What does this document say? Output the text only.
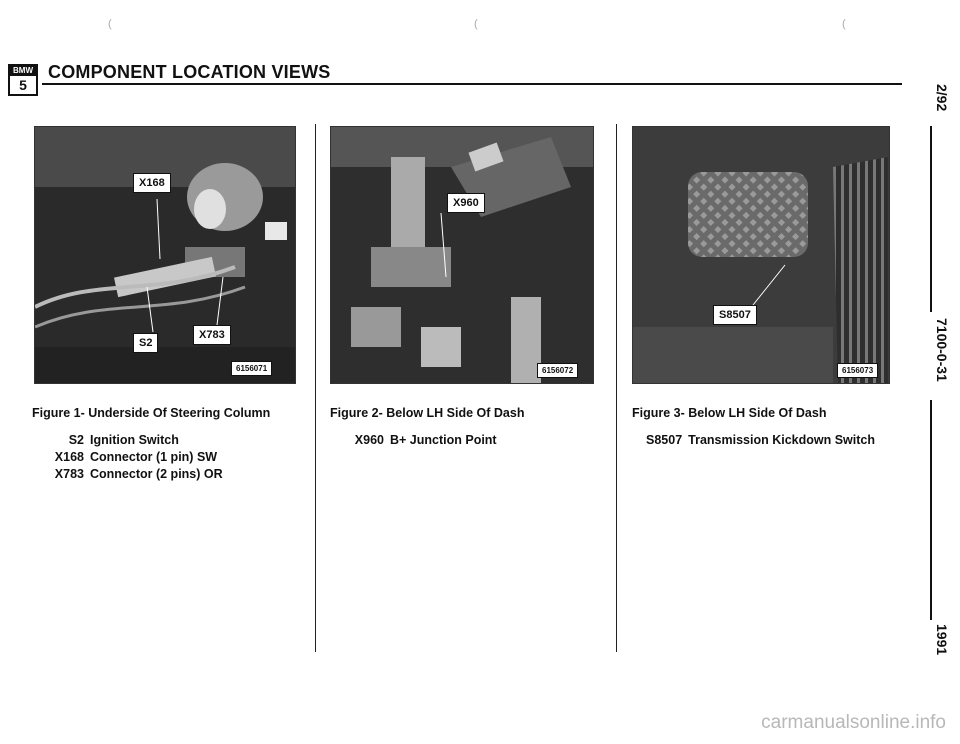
(	(	(
BMW
5
COMPONENT LOCATION VIEWS
X168
S2
X783
6156071
X960
6156072
S8507
6156073
Figure 1- Underside Of Steering Column	Figure 2- Below LH Side Of Dash	Figure 3- Below LH Side Of Dash
S2 Ignition Switch
X168 Connector (1 pin) SW
X783 Connector (2 pins) OR
X960 B+ Junction Point	S8507 Transmission Kickdown Switch
2/92
7100-0-31
1991
carmanualsonline.info
